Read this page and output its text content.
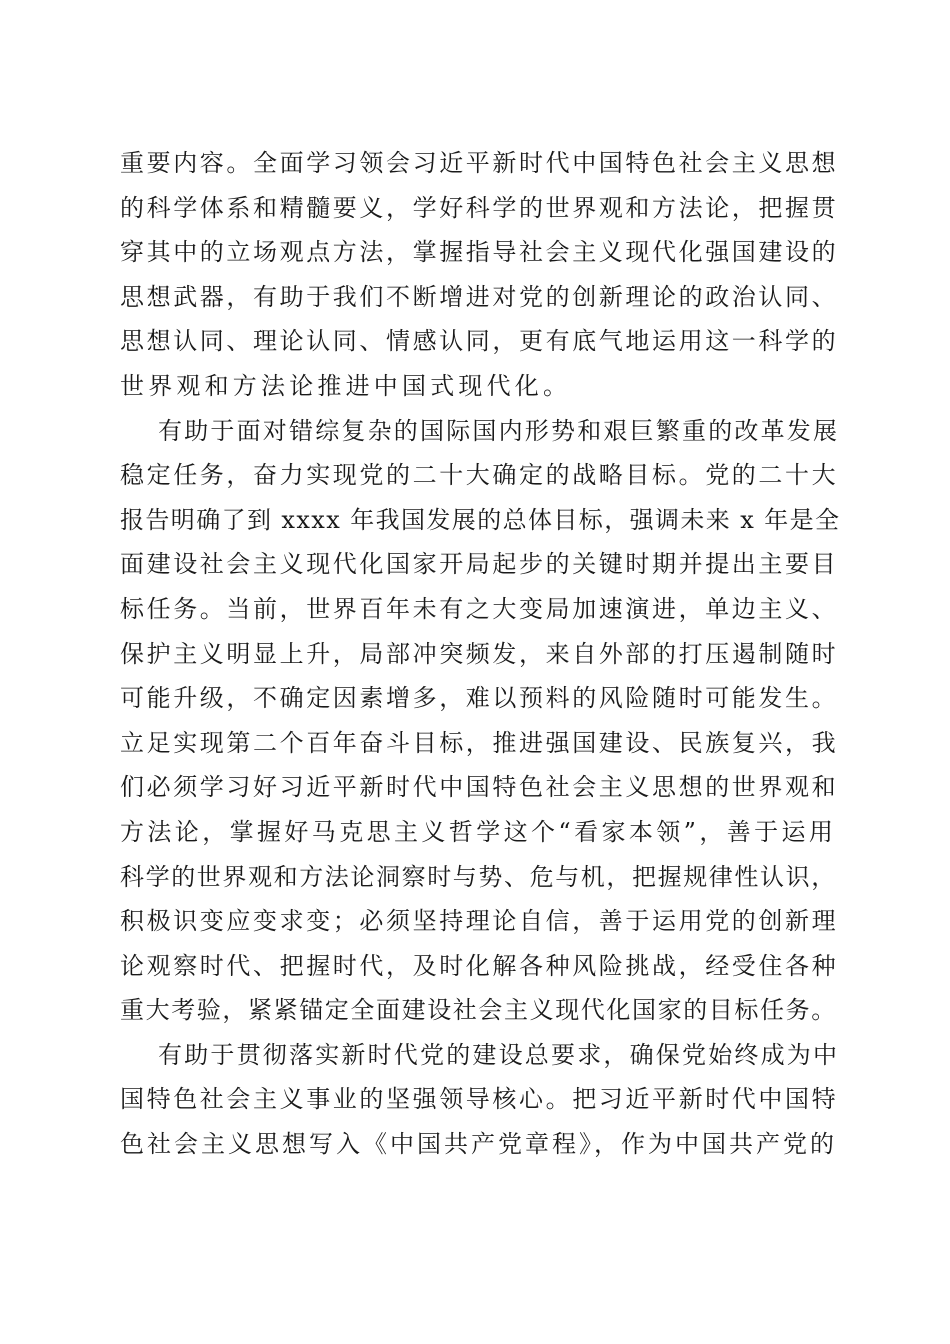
重要内容。全面学习领会习近平新时代中国特色社会主义思想
的科学体系和精髓要义，学好科学的世界观和方法论，把握贯
穿其中的立场观点方法，掌握指导社会主义现代化强国建设的
思想武器，有助于我们不断增进对党的创新理论的政治认同、
思想认同、理论认同、情感认同，更有底气地运用这一科学的
世界观和方法论推进中国式现代化。
有助于面对错综复杂的国际国内形势和艰巨繁重的改革发展
稳定任务，奋力实现党的二十大确定的战略目标。党的二十大
报告明确了到 xxxx 年我国发展的总体目标，强调未来 x 年是全
面建设社会主义现代化国家开局起步的关键时期并提出主要目
标任务。当前，世界百年未有之大变局加速演进，单边主义、
保护主义明显上升，局部冲突频发，来自外部的打压遏制随时
可能升级，不确定因素增多，难以预料的风险随时可能发生。
立足实现第二个百年奋斗目标，推进强国建设、民族复兴，我
们必须学习好习近平新时代中国特色社会主义思想的世界观和
方法论，掌握好马克思主义哲学这个“看家本领”，善于运用
科学的世界观和方法论洞察时与势、危与机，把握规律性认识，
积极识变应变求变；必须坚持理论自信，善于运用党的创新理
论观察时代、把握时代，及时化解各种风险挑战，经受住各种
重大考验，紧紧锚定全面建设社会主义现代化国家的目标任务。
有助于贯彻落实新时代党的建设总要求，确保党始终成为中
国特色社会主义事业的坚强领导核心。把习近平新时代中国特
色社会主义思想写入《中国共产党章程》，作为中国共产党的
